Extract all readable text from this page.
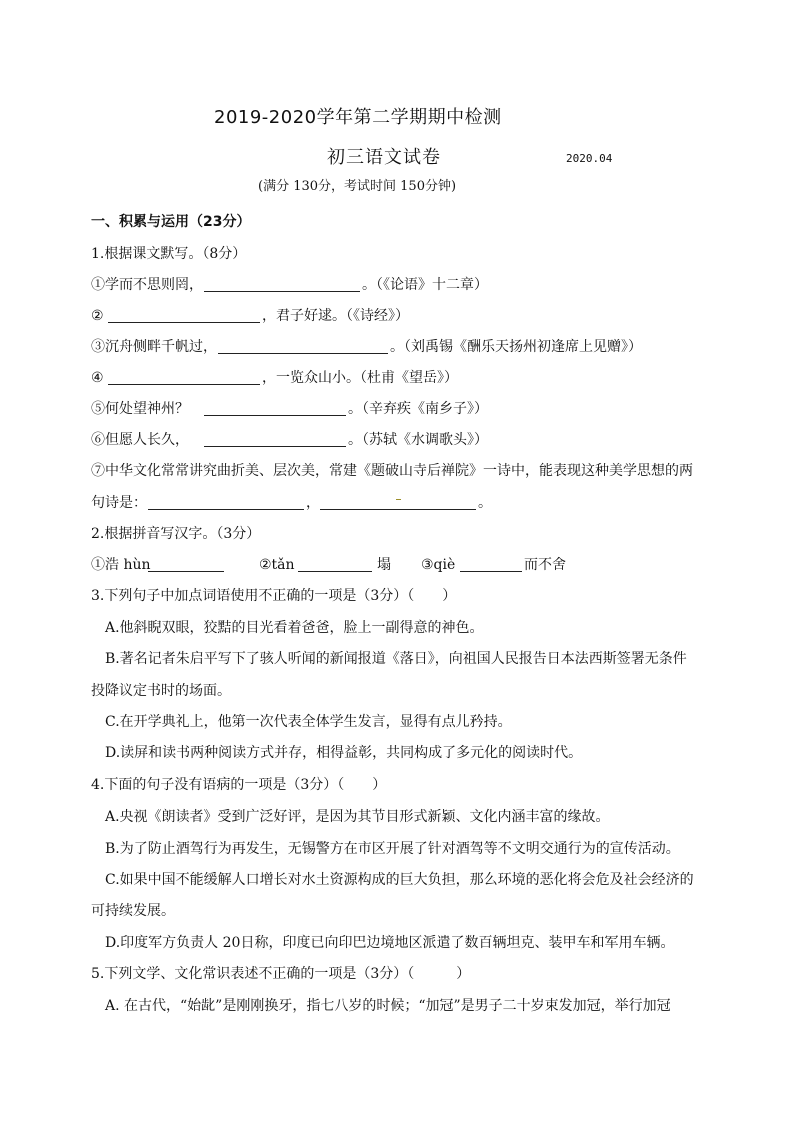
2019-2020学年第二学期期中检测
初三语文试卷	2020.04
(满分 130分，考试时间 150分钟)
一、积累与运用（23分）
1.根据课文默写。（8分）
①学而不思则罔，	。（《论语》十二章）
②	，君子好逑。（《诗经》）
③沉舟侧畔千帆过，	。（刘禹锡《酬乐天扬州初逢席上见赠》）
④	，一览众山小。（杜甫《望岳》）
⑤何处望神州？	。（辛弃疾《南乡子》）
⑥但愿人长久，	。（苏轼《水调歌头》）
⑦中华文化常常讲究曲折美、层次美，常建《题破山寺后禅院》一诗中，能表现这种美学思想的两
句诗是：	，	。
2.根据拼音写汉字。（3分）
①浩 hùn	②tǎn	塌 ③qiè	而不舍
3.下列句子中加点词语使用不正确的一项是（3分）（　　）
A.他斜睨双眼，狡黠的目光看着爸爸，脸上一副得意的神色。
B.著名记者朱启平写下了骇人听闻的新闻报道《落日》，向祖国人民报告日本法西斯签署无条件
投降议定书时的场面。
C.在开学典礼上，他第一次代表全体学生发言，显得有点儿矜持。
D.读屏和读书两种阅读方式并存，相得益彰，共同构成了多元化的阅读时代。
4.下面的句子没有语病的一项是（3分）（　　）
A.央视《朗读者》受到广泛好评，是因为其节目形式新颖、文化内涵丰富的缘故。
B.为了防止酒驾行为再发生，无锡警方在市区开展了针对酒驾等不文明交通行为的宣传活动。
C.如果中国不能缓解人口增长对水土资源构成的巨大负担，那么环境的恶化将会危及社会经济的
可持续发展。
D.印度军方负责人 20日称，印度已向印巴边境地区派遣了数百辆坦克、装甲车和军用车辆。
5.下列文学、文化常识表述不正确的一项是（3分）（　　　）
A. 在古代，“始龀”是刚刚换牙，指七八岁的时候；“加冠”是男子二十岁束发加冠，举行加冠
